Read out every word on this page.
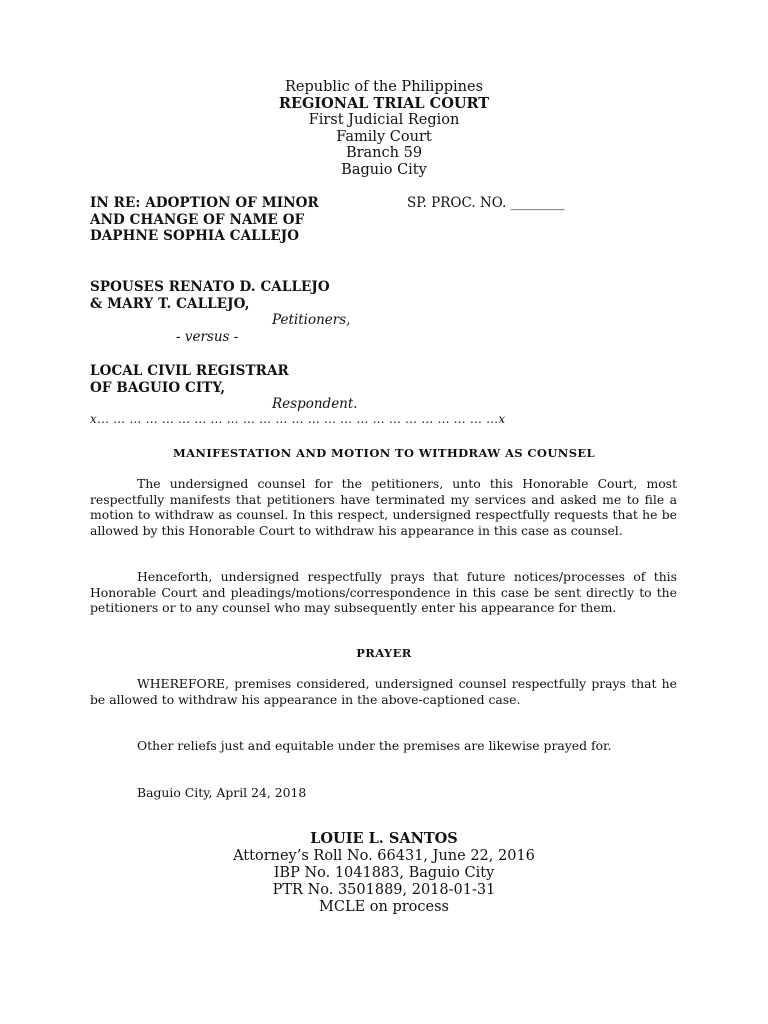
Republic of the Philippines
REGIONAL TRIAL COURT
First Judicial Region
Family Court
Branch 59
Baguio City
IN RE: ADOPTION OF MINOR
AND CHANGE OF NAME OF
DAPHNE SOPHIA CALLEJO
SP. PROC. NO. ________
SPOUSES RENATO D. CALLEJO
& MARY T. CALLEJO,
Petitioners,
- versus -
LOCAL CIVIL REGISTRAR
OF BAGUIO CITY,
Respondent.
x… … … … … … … … … … … … … … … … … … … … … … … … …x
MANIFESTATION AND MOTION TO WITHDRAW AS COUNSEL
The undersigned counsel for the petitioners, unto this Honorable Court, most respectfully manifests that petitioners have terminated my services and asked me to file a motion to withdraw as counsel. In this respect, undersigned respectfully requests that he be allowed by this Honorable Court to withdraw his appearance in this case as counsel.
Henceforth, undersigned respectfully prays that future notices/processes of this Honorable Court and pleadings/motions/correspondence in this case be sent directly to the petitioners or to any counsel who may subsequently enter his appearance for them.
PRAYER
WHEREFORE, premises considered, undersigned counsel respectfully prays that he be allowed to withdraw his appearance in the above-captioned case.
Other reliefs just and equitable under the premises are likewise prayed for.
Baguio City, April 24, 2018
LOUIE L. SANTOS
Attorney’s Roll No. 66431, June 22, 2016
IBP No. 1041883, Baguio City
PTR No. 3501889, 2018-01-31
MCLE on process
